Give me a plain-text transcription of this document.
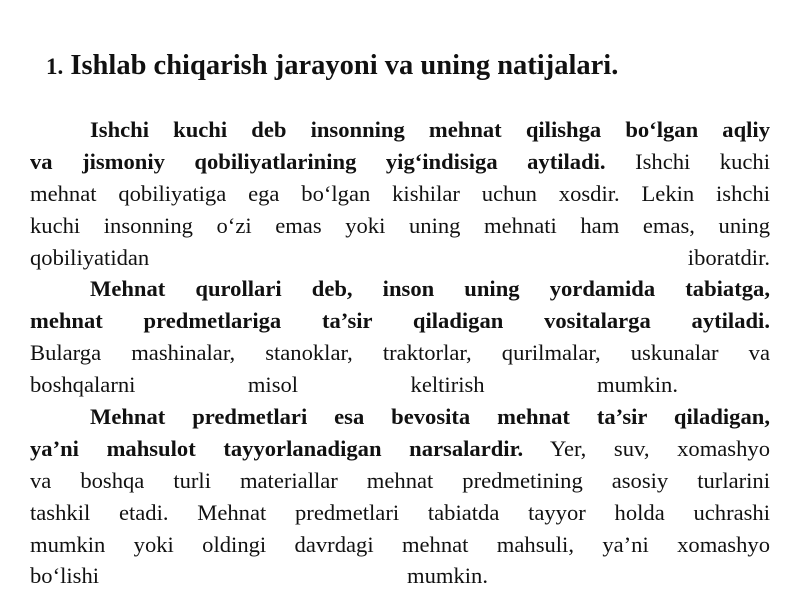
1. Ishlab chiqarish jarayoni va uning natijalari.
Ishchi kuchi deb insonning mehnat qilishga bo‘lgan aqliy
va jismoniy qobiliyatlarining yig‘indisiga aytiladi. Ishchi kuchi
mehnat qobiliyatiga ega bo‘lgan kishilar uchun xosdir. Lekin ishchi
kuchi insonning o‘zi emas yoki uning mehnati ham emas, uning
qobiliyatidan iboratdir.
Mehnat qurollari deb, inson uning yordamida tabiatga,
mehnat predmetlariga ta’sir qiladigan vositalarga aytiladi.
Bularga mashinalar, stanoklar, traktorlar, qurilmalar, uskunalar va
boshqalarni misol keltirish mumkin.
Mehnat predmetlari esa bevosita mehnat ta’sir qiladigan,
ya’ni mahsulot tayyorlanadigan narsalardir. Yer, suv, xomashyo
va boshqa turli materiallar mehnat predmetining asosiy turlarini
tashkil etadi. Mehnat predmetlari tabiatda tayyor holda uchrashi
mumkin yoki oldingi davrdagi mehnat mahsuli, ya’ni xomashyo
bo‘lishi mumkin.
